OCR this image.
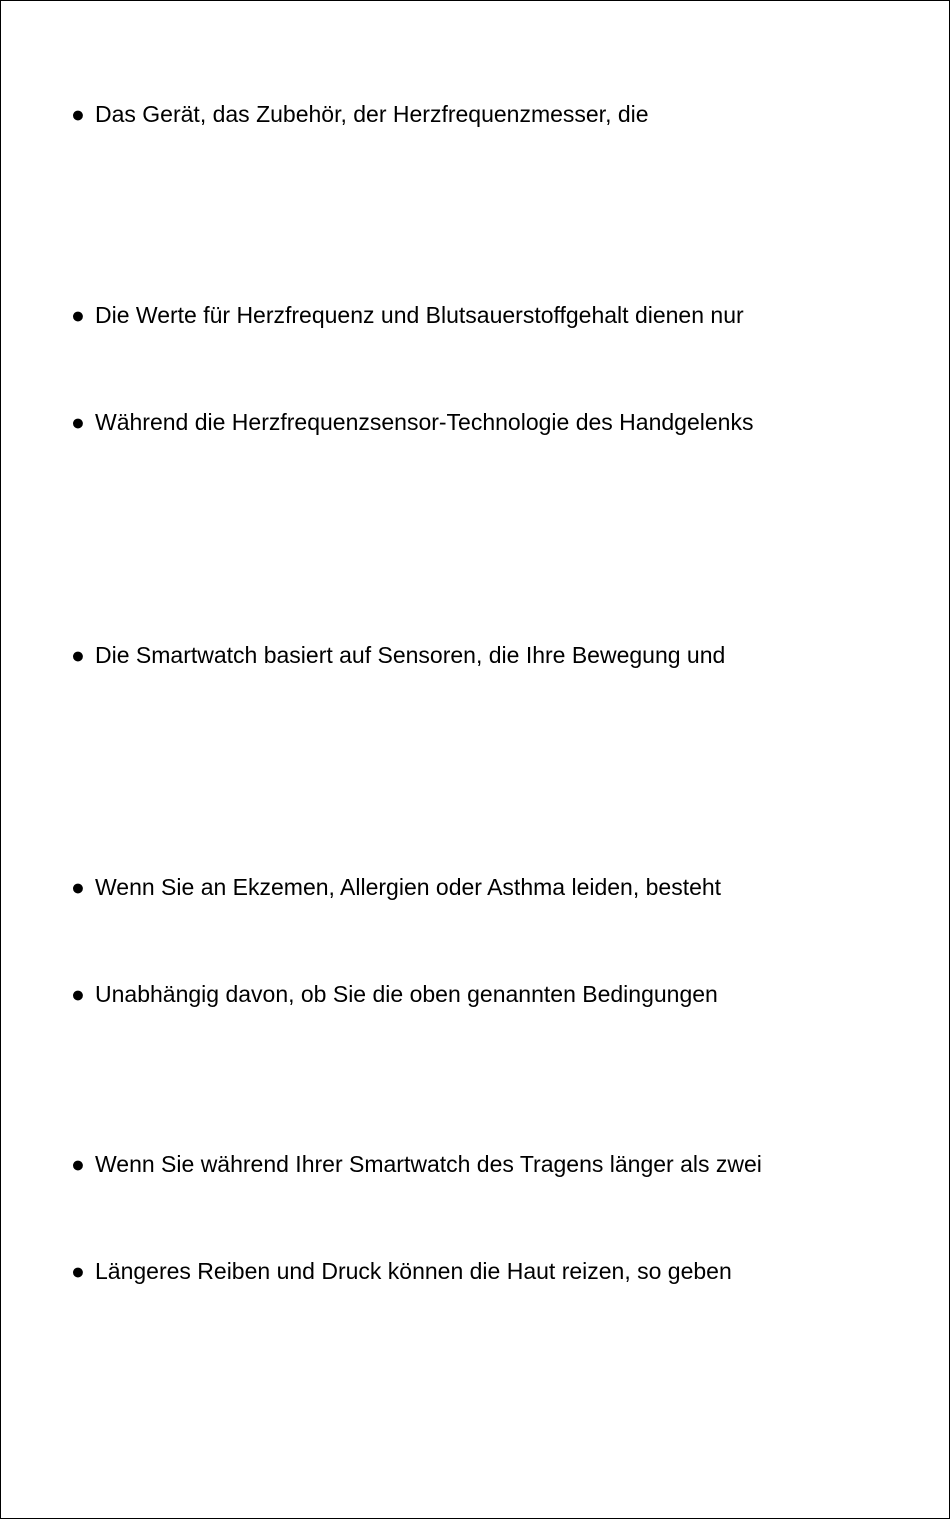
● Das Gerät, das Zubehör, der Herzfrequenzmesser, die
● Die Werte für Herzfrequenz und Blutsauerstoffgehalt dienen nur
● Während die Herzfrequenzsensor-Technologie des Handgelenks
● Die Smartwatch basiert auf Sensoren, die Ihre Bewegung und
● Wenn Sie an Ekzemen, Allergien oder Asthma leiden, besteht
● Unabhängig davon, ob Sie die oben genannten Bedingungen
● Wenn Sie während Ihrer Smartwatch des Tragens länger als zwei
● Längeres Reiben und Druck können die Haut reizen, so geben
